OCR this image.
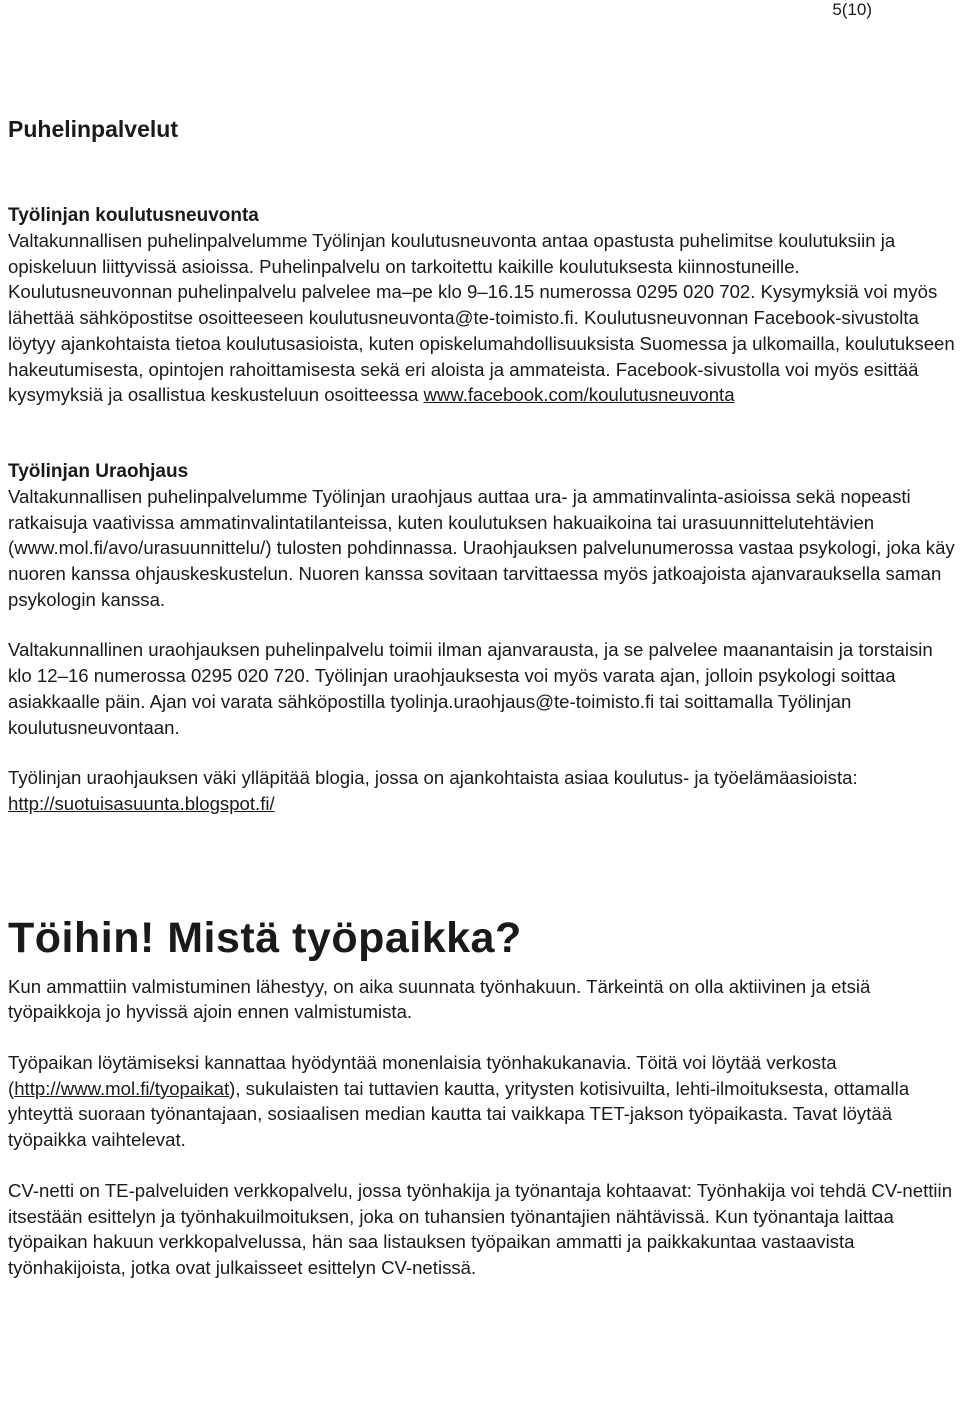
5(10)
Puhelinpalvelut
Työlinjan koulutusneuvonta

Valtakunnallisen puhelinpalvelumme Työlinjan koulutusneuvonta antaa opastusta puhelimitse koulutuksiin ja opiskeluun liittyvissä asioissa. Puhelinpalvelu on tarkoitettu kaikille koulutuksesta kiinnostuneille. Koulutusneuvonnan puhelinpalvelu palvelee ma–pe klo 9–16.15 numerossa 0295 020 702. Kysymyksiä voi myös lähettää sähköpostitse osoitteeseen koulutusneuvonta@te-toimisto.fi. Koulutusneuvonnan Facebook-sivustolta löytyy ajankohtaista tietoa koulutusasioista, kuten opiskelumahdollisuuksista Suomessa ja ulkomailla, koulutukseen hakeutumisesta, opintojen rahoittamisesta sekä eri aloista ja ammateista. Facebook-sivustolla voi myös esittää kysymyksiä ja osallistua keskusteluun osoitteessa www.facebook.com/koulutusneuvonta

Työlinjan Uraohjaus

Valtakunnallisen puhelinpalvelumme Työlinjan uraohjaus auttaa ura- ja ammatinvalinta-asioissa sekä nopeasti ratkaisuja vaativissa ammatinvalintatilanteissa, kuten koulutuksen hakuaikoina tai urasuunnittelutehtävien (www.mol.fi/avo/urasuunnittelu/) tulosten pohdinnassa. Uraohjauksen palvelunumerossa vastaa psykologi, joka käy nuoren kanssa ohjauskeskustelun. Nuoren kanssa sovitaan tarvittaessa myös jatkoajoista ajanvarauksella saman psykologin kanssa.

Valtakunnallinen uraohjauksen puhelinpalvelu toimii ilman ajanvarausta, ja se palvelee maanantaisin ja torstaisin klo 12–16 numerossa 0295 020 720. Työlinjan uraohjauksesta voi myös varata ajan, jolloin psykologi soittaa asiakkaalle päin. Ajan voi varata sähköpostilla tyolinja.uraohjaus@te-toimisto.fi tai soittamalla Työlinjan koulutusneuvontaan.

Työlinjan uraohjauksen väki ylläpitää blogia, jossa on ajankohtaista asiaa koulutus- ja työelämäasioista: http://suotuisasuunta.blogspot.fi/

Töihin! Mistä työpaikka?

Kun ammattiin valmistuminen lähestyy, on aika suunnata työnhakuun. Tärkeintä on olla aktiivinen ja etsiä työpaikkoja jo hyvissä ajoin ennen valmistumista.

Työpaikan löytämiseksi kannattaa hyödyntää monenlaisia työnhakukanavia. Töitä voi löytää verkosta (http://www.mol.fi/tyopaikat), sukulaisten tai tuttavien kautta, yritysten kotisivuilta, lehti-ilmoituksesta, ottamalla yhteyttä suoraan työnantajaan, sosiaalisen median kautta tai vaikkapa TET-jakson työpaikasta. Tavat löytää työpaikka vaihtelevat.

CV-netti on TE-palveluiden verkkopalvelu, jossa työnhakija ja työnantaja kohtaavat: Työnhakija voi tehdä CV-nettiin itsestään esittelyn ja työnhakuilmoituksen, joka on tuhansien työnantajien nähtävissä. Kun työnantaja laittaa työpaikan hakuun verkkopalvelussa, hän saa listauksen työpaikan ammatti ja paikkakuntaa vastaavista työnhakijoista, jotka ovat julkaisseet esittelyn CV-netissä.
